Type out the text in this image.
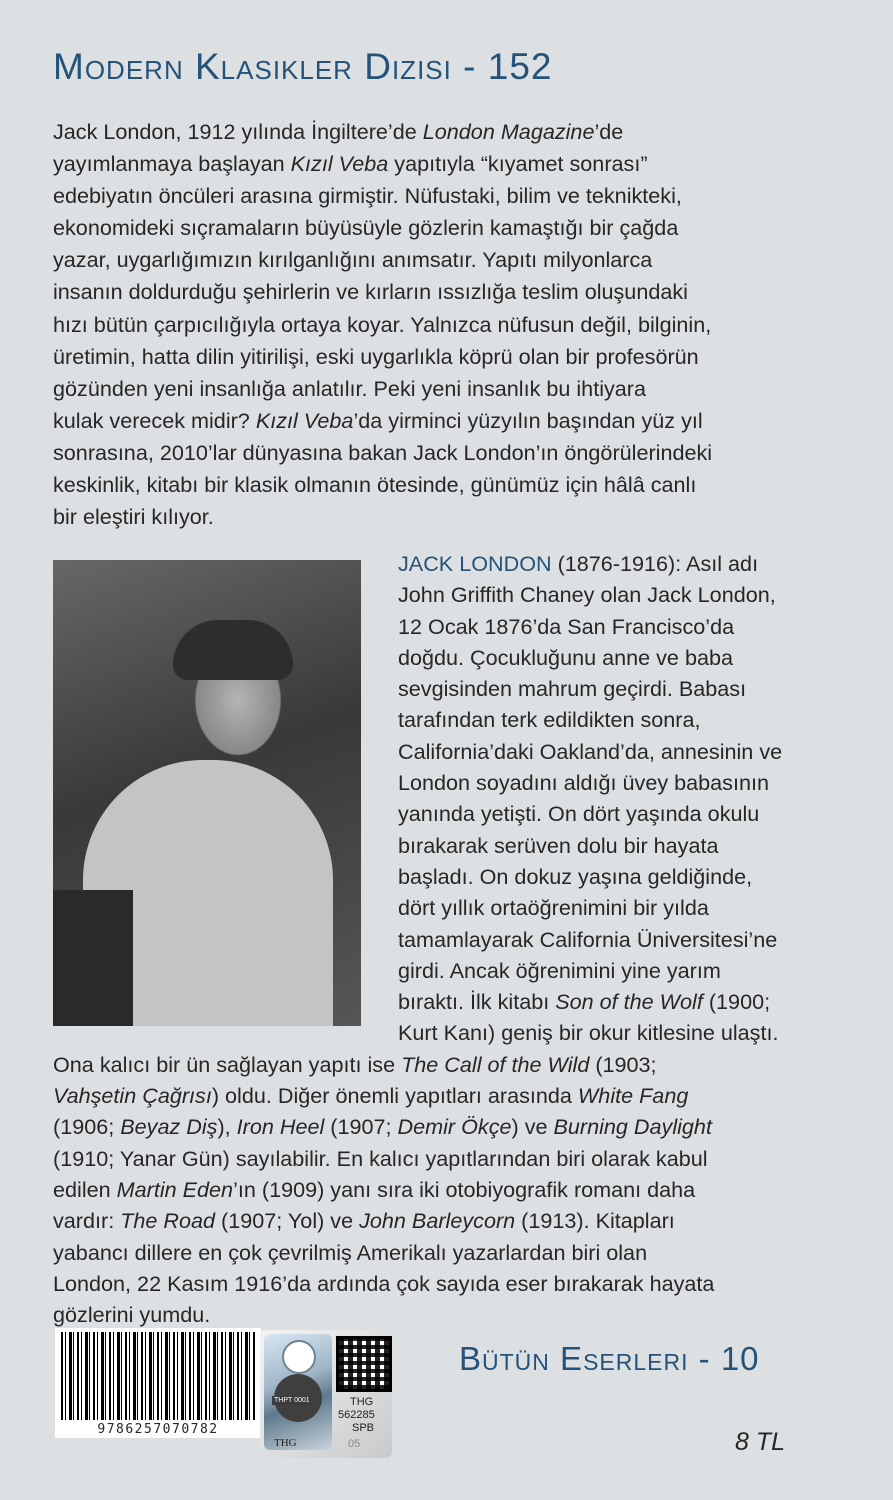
Modern Klasikler Dizisi - 152

Jack London, 1912 yılında İngiltere’de London Magazine’de
yayımlanmaya başlayan Kızıl Veba yapıtıyla “kıyamet sonrası”
edebiyatın öncüleri arasına girmiştir. Nüfustaki, bilim ve teknikteki,
ekonomideki sıçramaların büyüsüyle gözlerin kamaştığı bir çağda
yazar, uygarlığımızın kırılganlığını anımsatır. Yapıtı milyonlarca
insanın doldurduğu şehirlerin ve kırların ıssızlığa teslim oluşundaki
hızı bütün çarpıcılığıyla ortaya koyar. Yalnızca nüfusun değil, bilginin,
üretimin, hatta dilin yitirilişi, eski uygarlıkla köprü olan bir profesörün
gözünden yeni insanlığa anlatılır. Peki yeni insanlık bu ihtiyara
kulak verecek midir? Kızıl Veba’da yirminci yüzyılın başından yüz yıl
sonrasına, 2010’lar dünyasına bakan Jack London’ın öngörülerindeki
keskinlik, kitabı bir klasik olmanın ötesinde, günümüz için hâlâ canlı
bir eleştiri kılıyor.

JACK LONDON (1876-1916): Asıl adı
John Griffith Chaney olan Jack London,
12 Ocak 1876’da San Francisco’da
doğdu. Çocukluğunu anne ve baba
sevgisinden mahrum geçirdi. Babası
tarafından terk edildikten sonra,
California’daki Oakland’da, annesinin ve
London soyadını aldığı üvey babasının
yanında yetişti. On dört yaşında okulu
bırakarak serüven dolu bir hayata
başladı. On dokuz yaşına geldiğinde,
dört yıllık ortaöğrenimini bir yılda
tamamlayarak California Üniversitesi’ne
girdi. Ancak öğrenimini yine yarım
bıraktı. İlk kitabı Son of the Wolf (1900;
Kurt Kanı) geniş bir okur kitlesine ulaştı.
Ona kalıcı bir ün sağlayan yapıtı ise The Call of the Wild (1903;
Vahşetin Çağrısı) oldu. Diğer önemli yapıtları arasında White Fang
(1906; Beyaz Diş), Iron Heel (1907; Demir Ökçe) ve Burning Daylight
(1910; Yanar Gün) sayılabilir. En kalıcı yapıtlarından biri olarak kabul
edilen Martin Eden’ın (1909) yanı sıra iki otobiyografik romanı daha
vardır: The Road (1907; Yol) ve John Barleycorn (1913). Kitapları
yabancı dillere en çok çevrilmiş Amerikalı yazarlardan biri olan
London, 22 Kasım 1916’da ardında çok sayıda eser bırakarak hayata
gözlerini yumdu.

9786257070782
THPT 0001	THG
562285
SPB
THG	05
Bütün Eserleri - 10
8 TL
